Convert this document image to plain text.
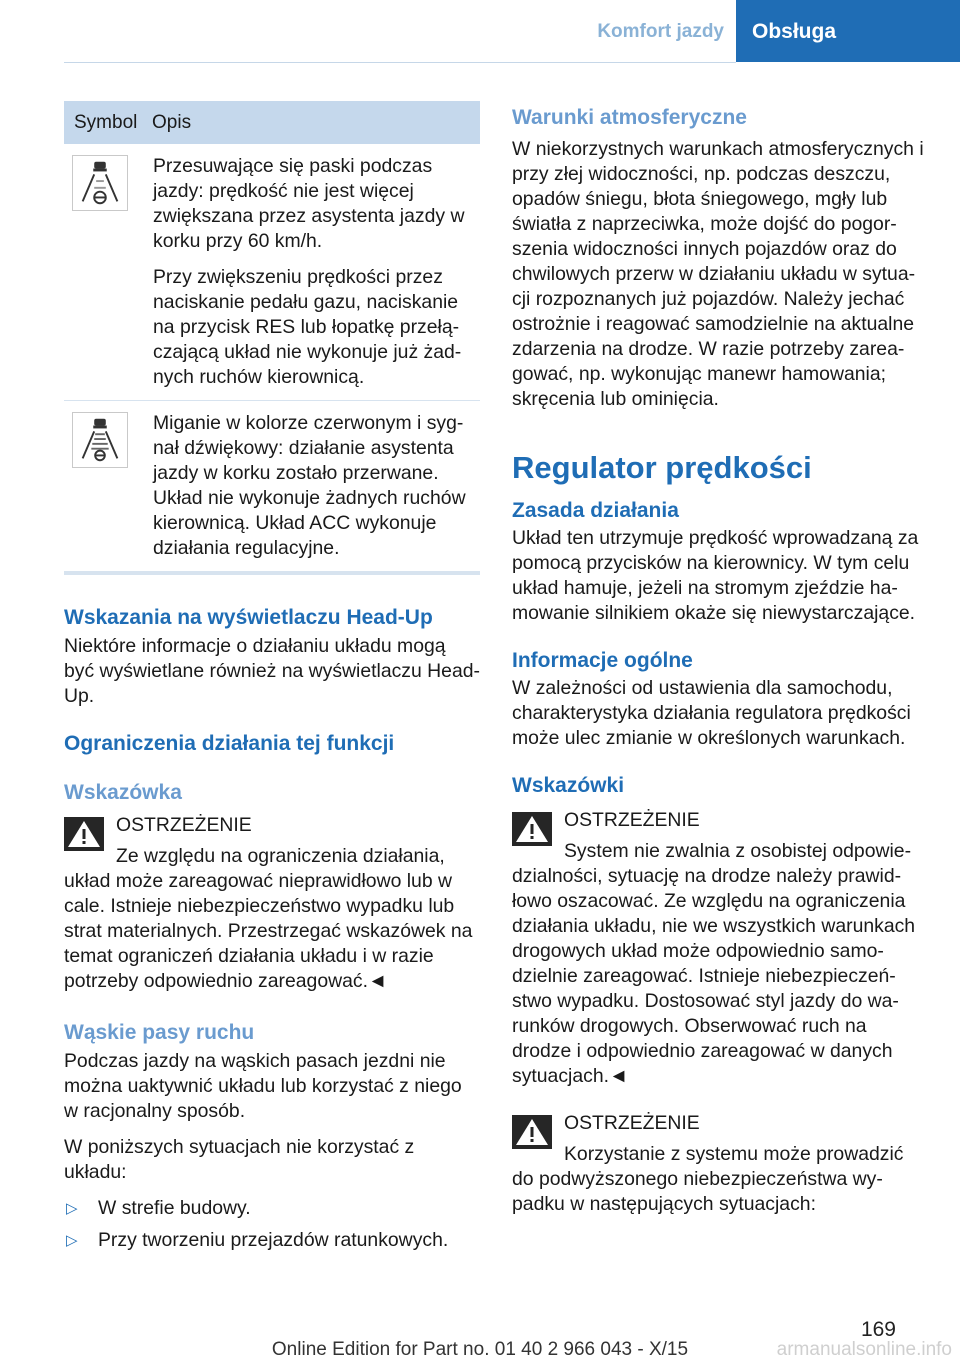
Komfort jazdy	Obsługa
Symbol Opis

Przesuwające się paski podczas jazdy: prędkość nie jest więcej zwiększana przez asystenta jazdy w korku przy 60 km/h.

Przy zwiększeniu prędkości przez naciskanie pedału gazu, naciskanie na przycisk RES lub łopatkę przełą‐czającą układ nie wykonuje już żad‐nych ruchów kierownicą.

Miganie w kolorze czerwonym i syg‐nał dźwiękowy: działanie asystenta jazdy w korku zostało przerwane. Układ nie wykonuje żadnych ruchów kierownicą. Układ ACC wykonuje działania regulacyjne.

Wskazania na wyświetlaczu Head-Up

Niektóre informacje o działaniu układu mogą być wyświetlane również na wyświetlaczu Head-Up.

Ograniczenia działania tej funkcji
Wskazówka

OSTRZEŻENIE

Ze względu na ograniczenia działania, układ może zareagować nieprawidłowo lub w cale. Istnieje niebezpieczeństwo wypadku lub strat materialnych. Przestrzegać wskazówek na temat ograniczeń działania układu i w razie potrzeby odpowiednio zareagować.◄

Wąskie pasy ruchu

Podczas jazdy na wąskich pasach jezdni nie można uaktywnić układu lub korzystać z niego w racjonalny sposób.

W poniższych sytuacjach nie korzystać z układu:

▷	W strefie budowy.
▷	Przy tworzeniu przejazdów ratunkowych.
Warunki atmosferyczne

W niekorzystnych warunkach atmosferycznych i przy złej widoczności, np. podczas deszczu, opadów śniegu, błota śniegowego, mgły lub światła z naprzeciwka, może dojść do pogor‐szenia widoczności innych pojazdów oraz do chwilowych przerw w działaniu układu w sytua‐cji rozpoznanych już pojazdów. Należy jechać ostrożnie i reagować samodzielnie na aktualne zdarzenia na drodze. W razie potrzeby zarea‐gować, np. wykonując manewr hamowania; skręcenia lub ominięcia.

Regulator prędkości
Zasada działania

Układ ten utrzymuje prędkość wprowadzaną za pomocą przycisków na kierownicy. W tym celu układ hamuje, jeżeli na stromym zjeździe ha‐mowanie silnikiem okaże się niewystarczające.

Informacje ogólne

W zależności od ustawienia dla samochodu, charakterystyka działania regulatora prędkości może ulec zmianie w określonych warunkach.

Wskazówki

OSTRZEŻENIE

System nie zwalnia z osobistej odpowie‐dzialności, sytuację na drodze należy prawid‐łowo oszacować. Ze względu na ograniczenia działania układu, nie we wszystkich warunkach drogowych układ może odpowiednio samo‐dzielnie zareagować. Istnieje niebezpieczeń‐stwo wypadku. Dostosować styl jazdy do wa‐runków drogowych. Obserwować ruch na drodze i odpowiednio zareagować w danych sytuacjach.◄

OSTRZEŻENIE

Korzystanie z systemu może prowadzić do podwyższonego niebezpieczeństwa wy‐padku w następujących sytuacjach:

169
Online Edition for Part no. 01 40 2 966 043 - X/15	armanualsonline.info
